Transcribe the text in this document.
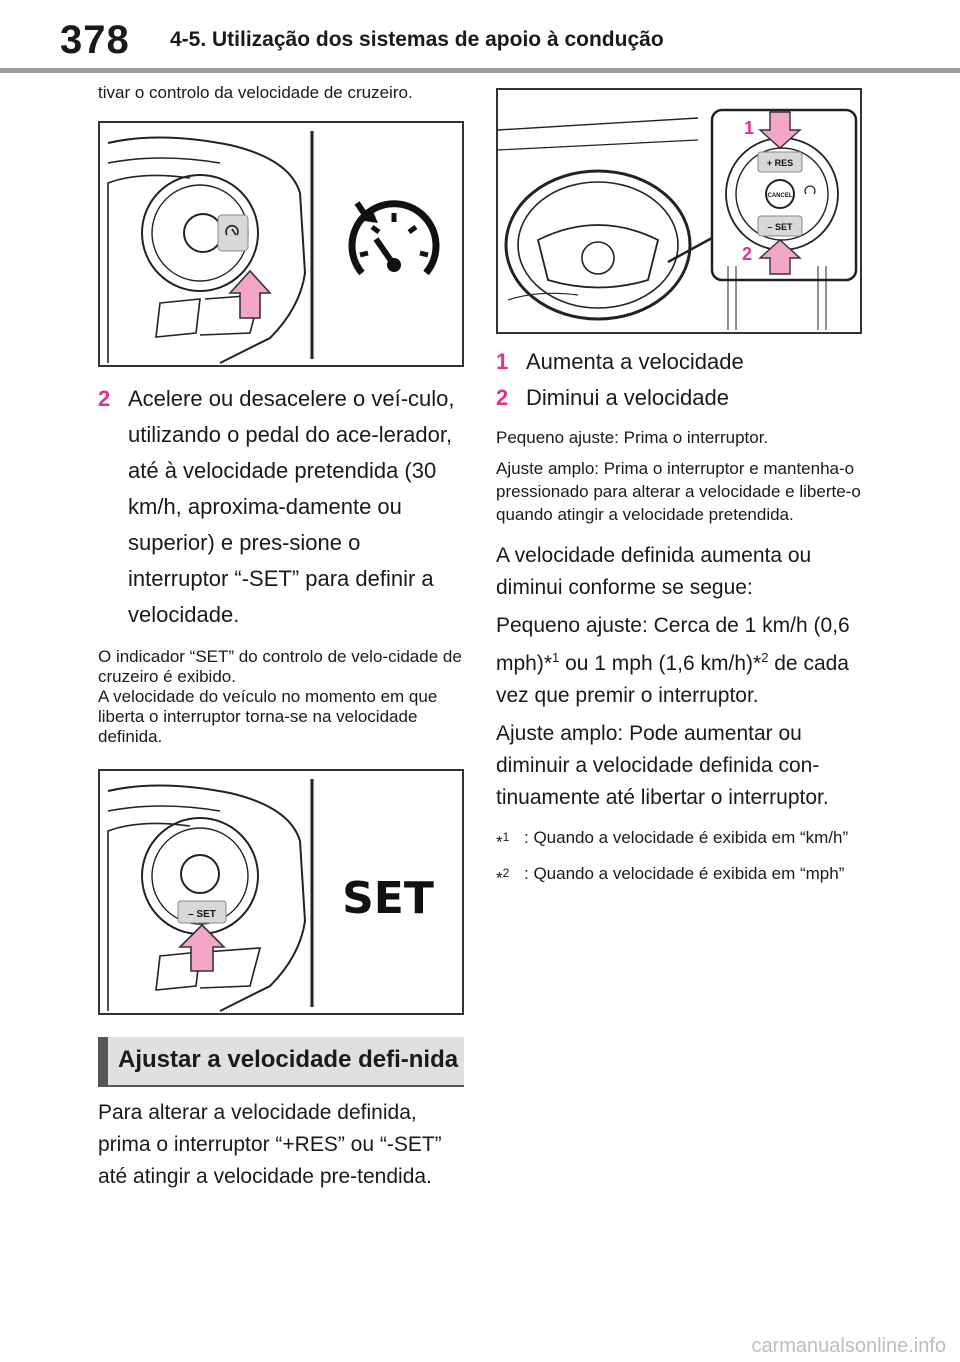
378 4-5. Utilização dos sistemas de apoio à condução
tivar o controlo da velocidade de cruzeiro.
2 Acelere ou desacelere o veí-culo, utilizando o pedal do ace-lerador, até à velocidade pretendida (30 km/h, aproxima-damente ou superior) e pres-sione o interruptor “-SET” para definir a velocidade.
O indicador “SET” do controlo de velo-cidade de cruzeiro é exibido.
A velocidade do veículo no momento em que liberta o interruptor torna-se na velocidade definida.
– SET	SET
Ajustar a velocidade defi-nida
Para alterar a velocidade definida, prima o interruptor “+RES” ou “-SET” até atingir a velocidade pre-tendida.
+ RES
CANCEL
– SET
1
2
1 Aumenta a velocidade
2 Diminui a velocidade
Pequeno ajuste: Prima o interruptor.
Ajuste amplo: Prima o interruptor e mantenha-o pressionado para alterar a velocidade e liberte-o quando atingir a velocidade pretendida.
A velocidade definida aumenta ou diminui conforme se segue:
Pequeno ajuste: Cerca de 1 km/h (0,6 mph)*$^1$ ou 1 mph (1,6 km/h)*$^2$ de cada vez que premir o interruptor.
Ajuste amplo: Pode aumentar ou diminuir a velocidade definida con-tinuamente até libertar o interruptor.
*$^1$ : Quando a velocidade é exibida em “km/h”
*$^2$ : Quando a velocidade é exibida em “mph”
carmanualsonline.info
